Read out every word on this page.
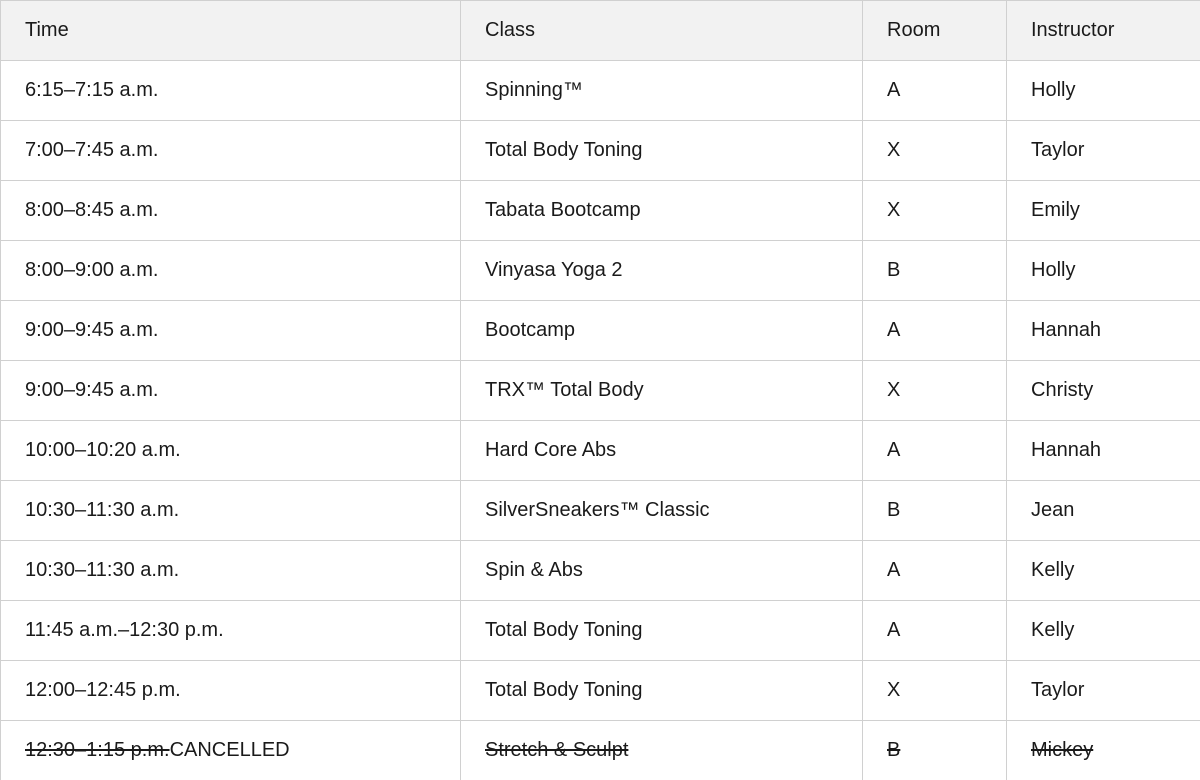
Time	Class	Room	Instructor
6:15–7:15 a.m.	Spinning™	A	Holly
7:00–7:45 a.m.	Total Body Toning	X	Taylor
8:00–8:45 a.m.	Tabata Bootcamp	X	Emily
8:00–9:00 a.m.	Vinyasa Yoga 2	B	Holly
9:00–9:45 a.m.	Bootcamp	A	Hannah
9:00–9:45 a.m.	TRX™ Total Body	X	Christy
10:00–10:20 a.m.	Hard Core Abs	A	Hannah
10:30–11:30 a.m.	SilverSneakers™ Classic	B	Jean
10:30–11:30 a.m.	Spin & Abs	A	Kelly
11:45 a.m.–12:30 p.m.	Total Body Toning	A	Kelly
12:00–12:45 p.m.	Total Body Toning	X	Taylor
12:30–1:15 p.m.CANCELLED	Stretch & Sculpt	B	Mickey
